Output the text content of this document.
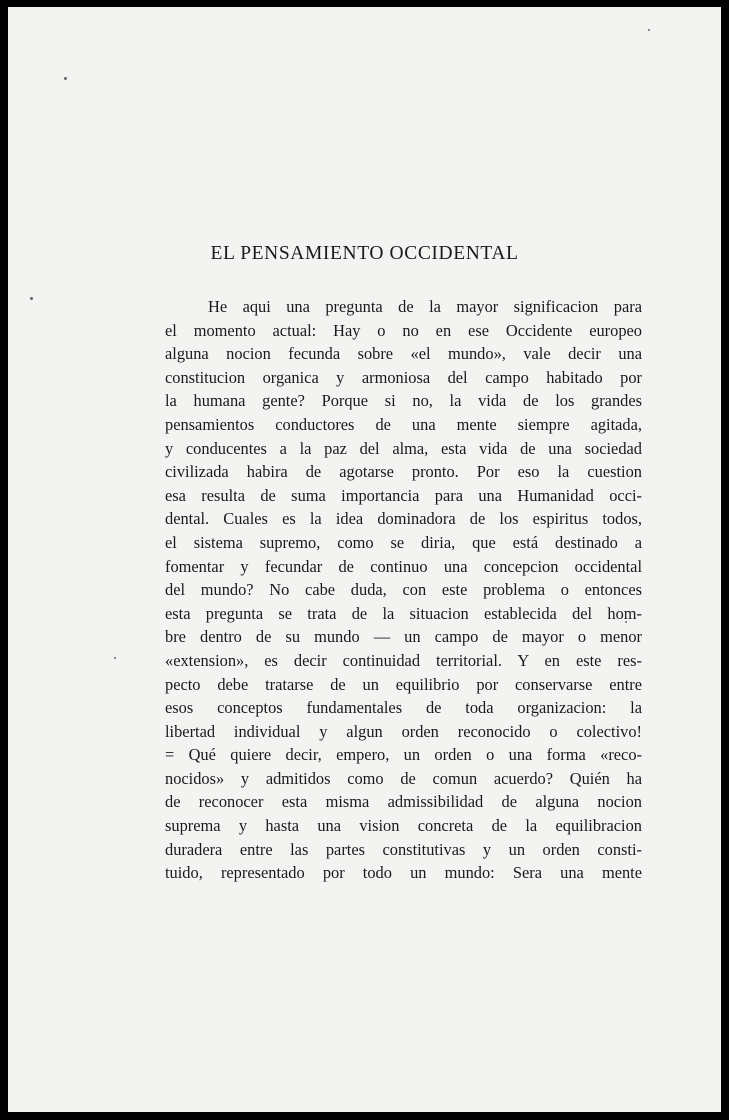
EL PENSAMIENTO OCCIDENTAL
He aqui una pregunta de la mayor significacion para
el momento actual: Hay o no en ese Occidente europeo
alguna nocion fecunda sobre «el mundo», vale decir una
constitucion organica y armoniosa del campo habitado por
la humana gente? Porque si no, la vida de los grandes
pensamientos conductores de una mente siempre agitada,
y conducentes a la paz del alma, esta vida de una sociedad
civilizada habira de agotarse pronto. Por eso la cuestion
esa resulta de suma importancia para una Humanidad occi-
dental. Cuales es la idea dominadora de los espiritus todos,
el sistema supremo, como se diria, que está destinado a
fomentar y fecundar de continuo una concepcion occidental
del mundo? No cabe duda, con este problema o entonces
esta pregunta se trata de la situacion establecida del hom-
bre dentro de su mundo — un campo de mayor o menor
«extension», es decir continuidad territorial. Y en este res-
pecto debe tratarse de un equilibrio por conservarse entre
esos conceptos fundamentales de toda organizacion: la
libertad individual y algun orden reconocido o colectivo!
= Qué quiere decir, empero, un orden o una forma «reco-
nocidos» y admitidos como de comun acuerdo? Quién ha
de reconocer esta misma admissibilidad de alguna nocion
suprema y hasta una vision concreta de la equilibracion
duradera entre las partes constitutivas y un orden consti-
tuido, representado por todo un mundo: Sera una mente
